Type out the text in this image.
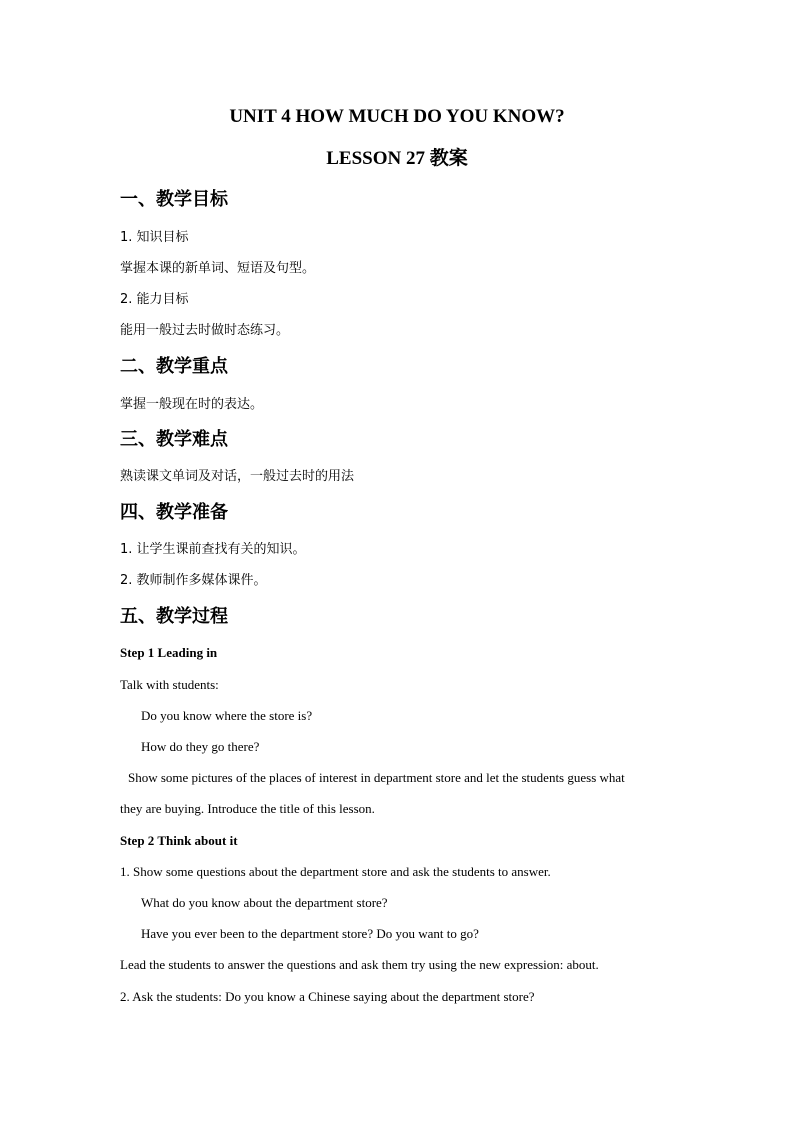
UNIT 4 HOW MUCH DO YOU KNOW?
LESSON 27 教案
一、教学目标
1. 知识目标
掌握本课的新单词、短语及句型。
2. 能力目标
能用一般过去时做时态练习。
二、教学重点
掌握一般现在时的表达。
三、教学难点
熟读课文单词及对话，一般过去时的用法
四、教学准备
1. 让学生课前查找有关的知识。
2. 教师制作多媒体课件。
五、教学过程
Step 1 Leading in
Talk with students:
Do you know where the store is?
How do they go there?
Show some pictures of the places of interest in department store and let the students guess what
they are buying. Introduce the title of this lesson.
Step 2 Think about it
1. Show some questions about the department store and ask the students to answer.
What do you know about the department store?
Have you ever been to the department store? Do you want to go?
Lead the students to answer the questions and ask them try using the new expression: about.
2. Ask the students: Do you know a Chinese saying about the department store?
